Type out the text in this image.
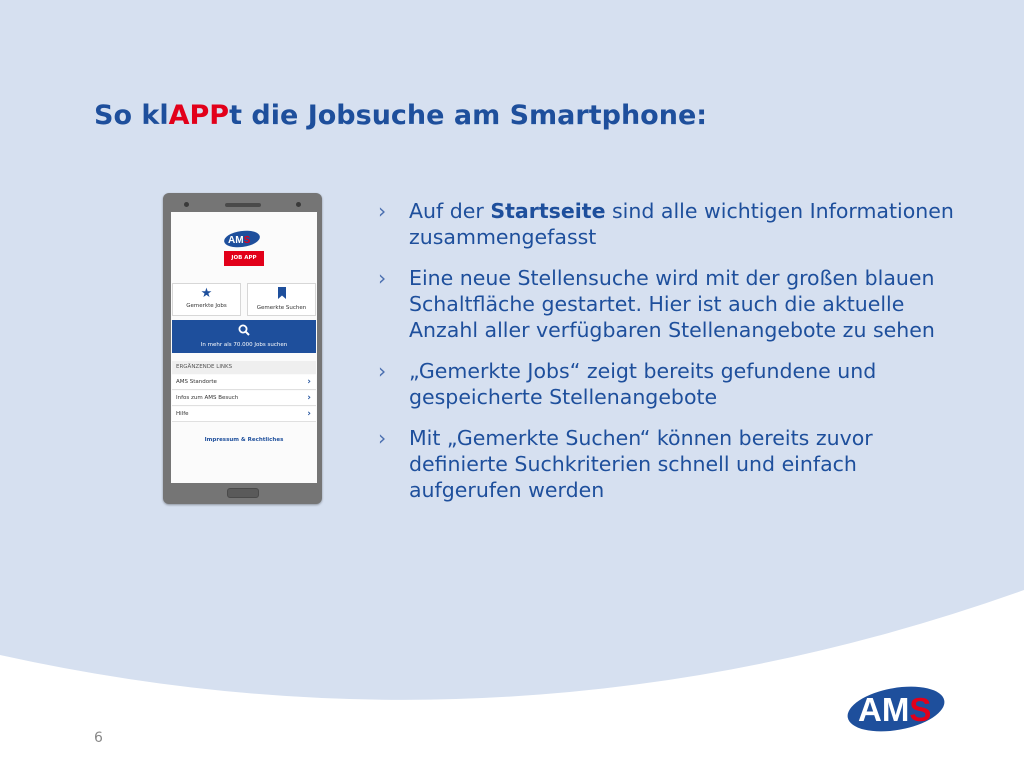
So klAPPt die Jobsuche am Smartphone:
AMS
JOB APP
★
Gemerkte Jobs	Gemerkte Suchen
In mehr als 70.000 Jobs suchen
ERGÄNZENDE LINKS
AMS Standorte	›
Infos zum AMS Besuch	›
Hilfe	›
Impressum & Rechtliches
› Auf der Startseite sind alle wichtigen Informationen zusammengefasst
› Eine neue Stellensuche wird mit der großen blauen Schaltfläche gestartet. Hier ist auch die aktuelle Anzahl aller verfügbaren Stellenangebote zu sehen
› „Gemerkte Jobs“ zeigt bereits gefundene und gespeicherte Stellenangebote
› Mit „Gemerkte Suchen“ können bereits zuvor definierte Suchkriterien schnell und einfach aufgerufen werden
AMS
6
